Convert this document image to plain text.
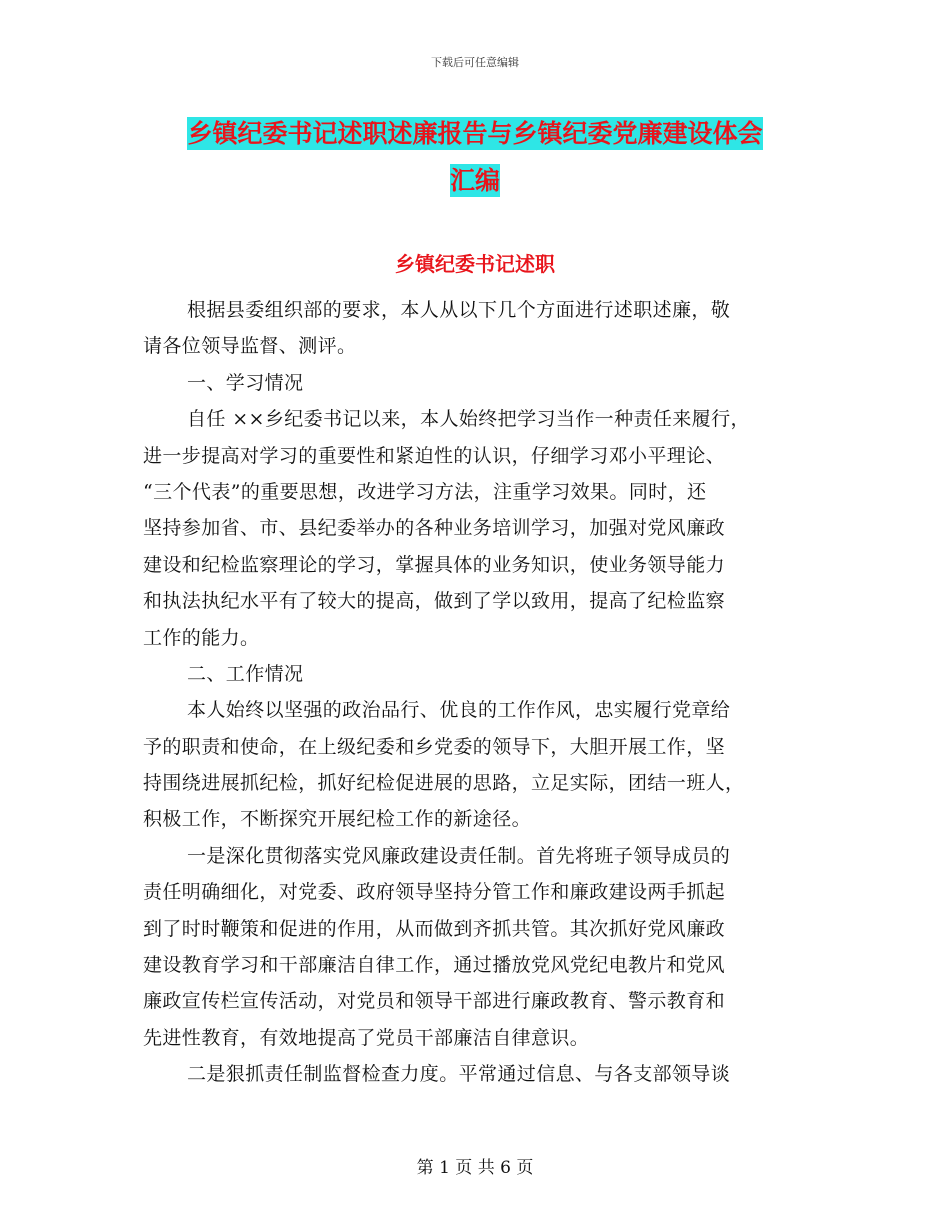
下载后可任意编辑
乡镇纪委书记述职述廉报告与乡镇纪委党廉建设体会
汇编
乡镇纪委书记述职
根据县委组织部的要求，本人从以下几个方面进行述职述廉，敬
请各位领导监督、测评。
一、学习情况
自任 ××乡纪委书记以来，本人始终把学习当作一种责任来履行，
进一步提高对学习的重要性和紧迫性的认识，仔细学习邓小平理论、
“三个代表”的重要思想，改进学习方法，注重学习效果。同时，还
坚持参加省、市、县纪委举办的各种业务培训学习，加强对党风廉政
建设和纪检监察理论的学习，掌握具体的业务知识，使业务领导能力
和执法执纪水平有了较大的提高，做到了学以致用，提高了纪检监察
工作的能力。
二、工作情况
本人始终以坚强的政治品行、优良的工作作风，忠实履行党章给
予的职责和使命，在上级纪委和乡党委的领导下，大胆开展工作，坚
持围绕进展抓纪检，抓好纪检促进展的思路，立足实际，团结一班人，
积极工作，不断探究开展纪检工作的新途径。
一是深化贯彻落实党风廉政建设责任制。首先将班子领导成员的
责任明确细化，对党委、政府领导坚持分管工作和廉政建设两手抓起
到了时时鞭策和促进的作用，从而做到齐抓共管。其次抓好党风廉政
建设教育学习和干部廉洁自律工作，通过播放党风党纪电教片和党风
廉政宣传栏宣传活动，对党员和领导干部进行廉政教育、警示教育和
先进性教育，有效地提高了党员干部廉洁自律意识。
二是狠抓责任制监督检查力度。平常通过信息、与各支部领导谈
第 1 页 共 6 页
